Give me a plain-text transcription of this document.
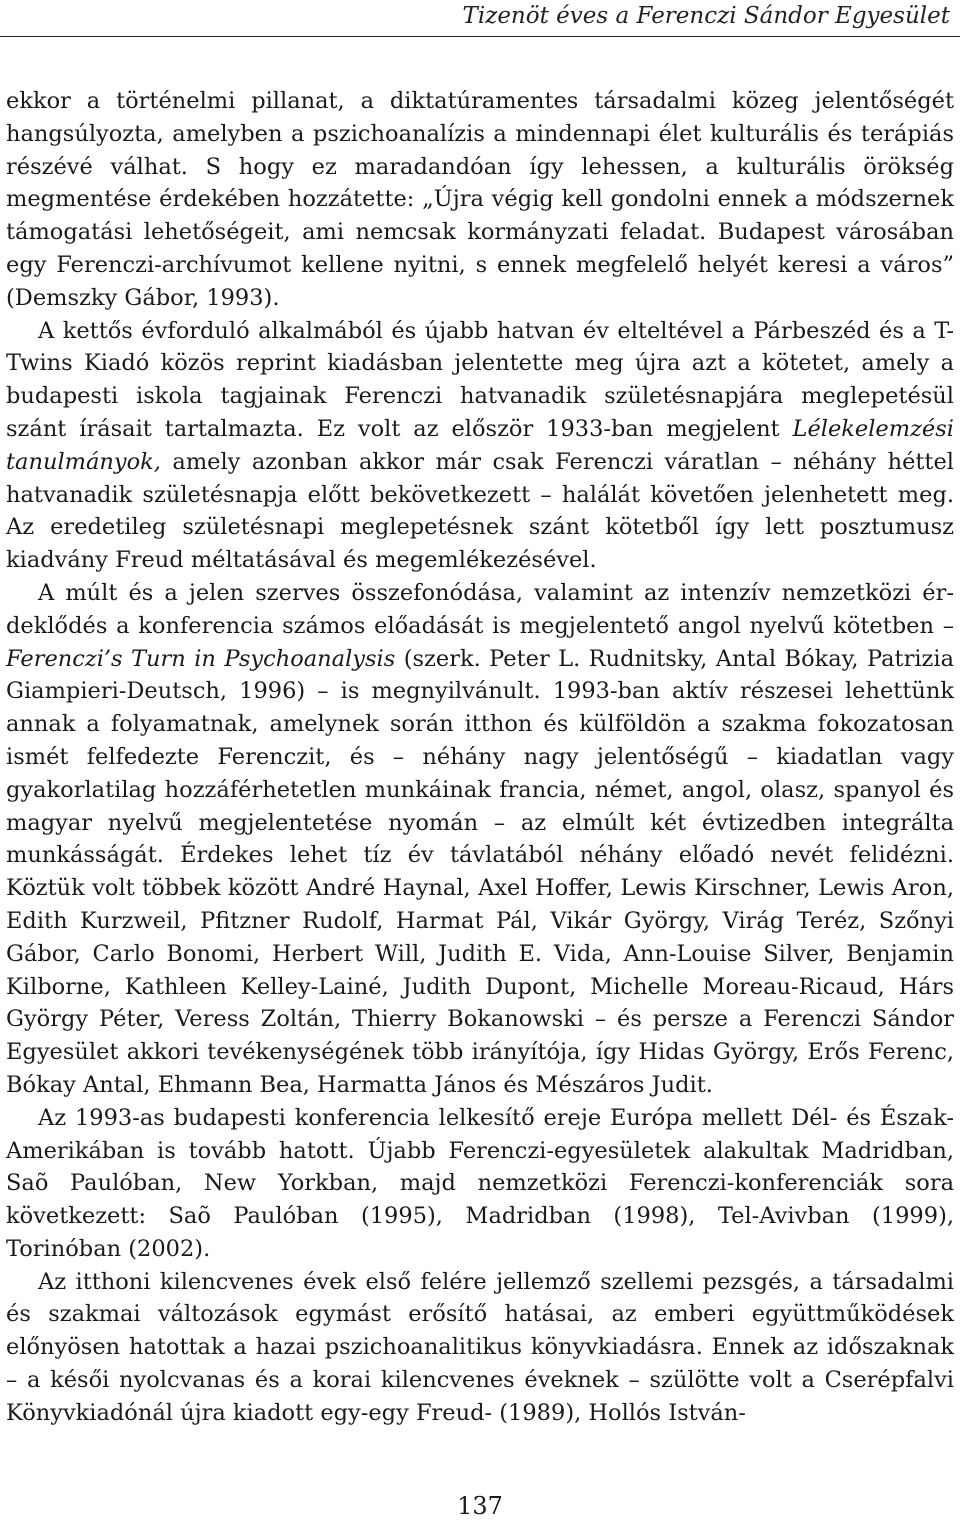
Tizenöt éves a Ferenczi Sándor Egyesület

ekkor a történelmi pillanat, a diktatúramentes társadalmi közeg jelentőségét hangsúlyozta, amelyben a pszichoanalízis a mindennapi élet kulturális és terápiás részévé válhat. S hogy ez maradandóan így lehessen, a kulturális örökség megmentése érdekében hozzátette: „Újra végig kell gondolni ennek a módszernek támogatási lehetőségeit, ami nemcsak kormányzati feladat. Budapest városában egy Ferenczi-archívumot kellene nyitni, s ennek megfelelő helyét keresi a város” (Demszky Gábor, 1993).

A kettős évforduló alkalmából és újabb hatvan év elteltével a Párbeszéd és a T-Twins Kiadó közös reprint kiadásban jelentette meg újra azt a kötetet, amely a budapesti iskola tagjainak Ferenczi hatvanadik születésnapjára meglepetésül szánt írásait tartalmazta. Ez volt az először 1933-ban megjelent Lélekelemzési tanulmányok, amely azonban akkor már csak Ferenczi váratlan – néhány héttel hatvanadik születésnapja előtt bekövetkezett – halálát követően jelenhetett meg. Az eredetileg születésnapi meglepetésnek szánt kötetből így lett posztumusz kiadvány Freud méltatásával és megemlékezésével.

A múlt és a jelen szerves összefonódása, valamint az intenzív nemzetközi érdeklődés a konferencia számos előadását is megjelentető angol nyelvű kötetben – Ferenczi’s Turn in Psychoanalysis (szerk. Peter L. Rudnitsky, Antal Bókay, Patrizia Giampieri-Deutsch, 1996) – is megnyilvánult. 1993-ban aktív részesei lehettünk annak a folyamatnak, amelynek során itthon és külföldön a szakma fokozatosan ismét felfedezte Ferenczit, és – néhány nagy jelentőségű – kiadatlan vagy gyakorlatilag hozzáférhetetlen munkáinak francia, német, angol, olasz, spanyol és magyar nyelvű megjelentetése nyomán – az elmúlt két évtizedben integrálta munkásságát. Érdekes lehet tíz év távlatából néhány előadó nevét felidézni. Köztük volt többek között André Haynal, Axel Hoffer, Lewis Kirschner, Lewis Aron, Edith Kurzweil, Pfitzner Rudolf, Harmat Pál, Vikár György, Virág Teréz, Szőnyi Gábor, Carlo Bonomi, Herbert Will, Judith E. Vida, Ann-Louise Silver, Benjamin Kilborne, Kathleen Kelley-Lainé, Judith Dupont, Michelle Moreau-Ricaud, Hárs György Péter, Veress Zoltán, Thierry Bokanowski – és persze a Ferenczi Sándor Egyesület akkori tevékenységének több irányítója, így Hidas György, Erős Ferenc, Bókay Antal, Ehmann Bea, Harmatta János és Mészáros Judit.

Az 1993-as budapesti konferencia lelkesítő ereje Európa mellett Dél- és Észak-Amerikában is tovább hatott. Újabb Ferenczi-egyesületek alakultak Madridban, Saõ Paulóban, New Yorkban, majd nemzetközi Ferenczi-konferenciák sora következett: Saõ Paulóban (1995), Madridban (1998), Tel-Avivban (1999), Torinóban (2002).

Az itthoni kilencvenes évek első felére jellemző szellemi pezsgés, a társadalmi és szakmai változások egymást erősítő hatásai, az emberi együttműködések előnyösen hatottak a hazai pszichoanalitikus könyvkiadásra. Ennek az időszaknak – a késői nyolcvanas és a korai kilencvenes éveknek – szülötte volt a Cserépfalvi Könyvkiadónál újra kiadott egy-egy Freud- (1989), Hollós István-

137
